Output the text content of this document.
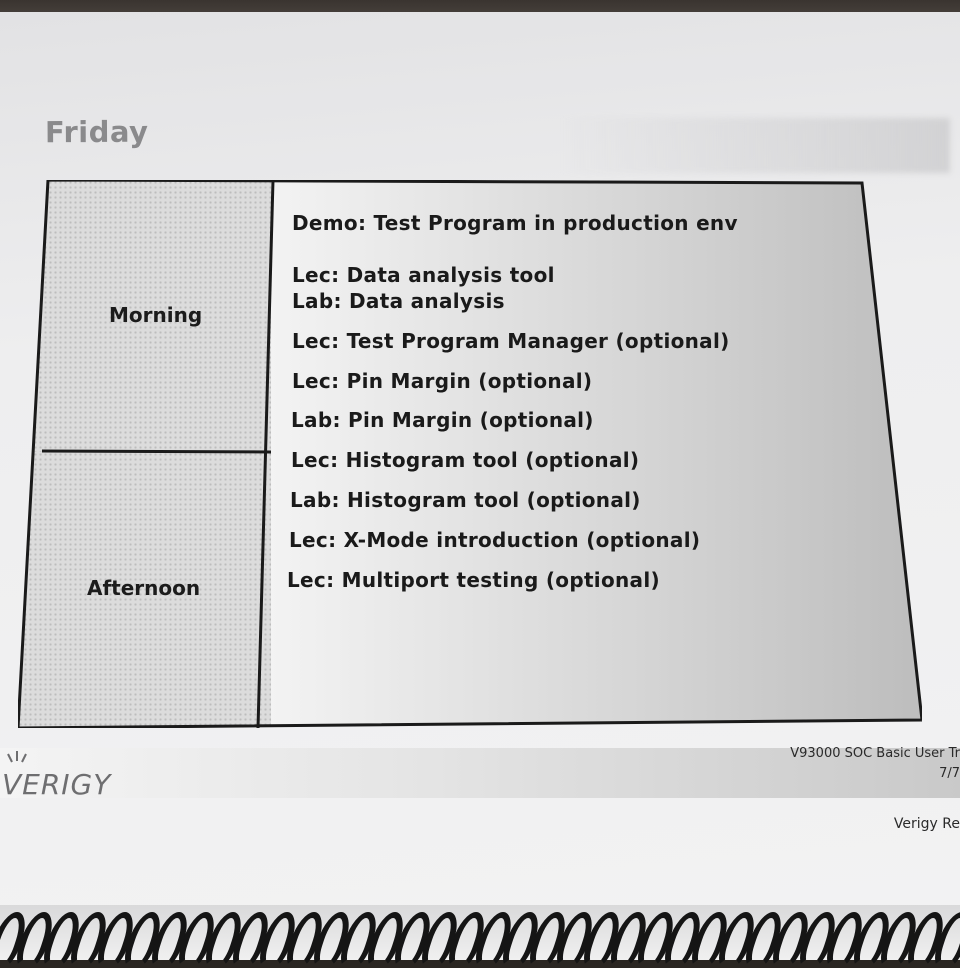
Friday
Morning
Afternoon
Demo: Test Program in production env
Lec: Data analysis tool
Lab: Data analysis
Lec: Test Program Manager (optional)
Lec: Pin Margin (optional)
Lab: Pin Margin (optional)
Lec: Histogram tool (optional)
Lab: Histogram tool (optional)
Lec: X-Mode introduction (optional)
Lec: Multiport testing (optional)
VERIGY
V93000 SOC Basic User Tr
7/7
Verigy Re
